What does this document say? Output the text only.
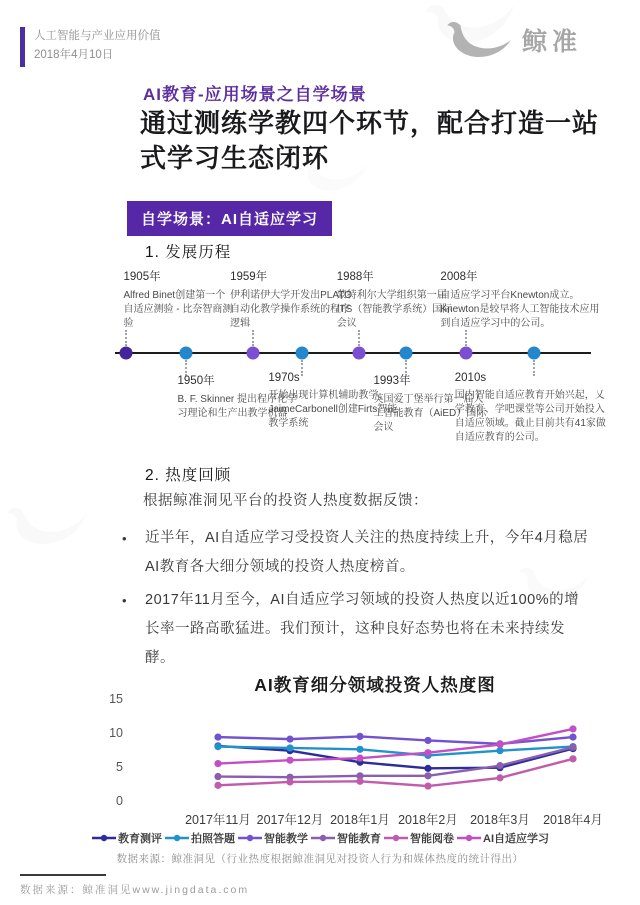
人工智能与产业应用价值
2018年4月10日	鲸准
AI教育-应用场景之自学场景
通过测练学教四个环节，配合打造一站式学习生态闭环
自学场景：AI自适应学习
1. 发展历程
1905年
Alfred Binet创建第一个自适应测验 - 比奈智商测验
1959年
伊利诺伊大学开发出PLATO自动化教学操作系统的程序逻辑
1988年
蒙特利尔大学组织第一届ITS（智能教学系统）国际会议
2008年
自适应学习平台Knewton成立。Knewton是较早将人工智能技术应用到自适应学习中的公司。
1950年
B. F. Skinner 提出程序化学习理论和生产出教学机器
1970s
开始出现计算机辅助教学，JaimeCarbonell创建Firts智能教学系统
1993年
英国爱丁堡举行第一届人工智能教育（AiED）国际会议
2010s
国内智能自适应教育开始兴起，乂学教育、学吧课堂等公司开始投入自适应领域。截止目前共有41家做自适应教育的公司。
2. 热度回顾
根据鲸准洞见平台的投资人热度数据反馈：
•	近半年，AI自适应学习受投资人关注的热度持续上升，今年4月稳居AI教育各大细分领域的投资人热度榜首。
•	2017年11月至今，AI自适应学习领域的投资人热度以近100%的增长率一路高歌猛进。我们预计，这种良好态势也将在未来持续发酵。
AI教育细分领域投资人热度图
0
5
10
15
2017年11月 2017年12月 2018年1月 2018年2月 2018年3月 2018年4月
教育测评	拍照答题	智能教学	智能教育	智能阅卷	AI自适应学习
数据来源：鲸准洞见（行业热度根据鲸准洞见对投资人行为和媒体热度的统计得出）
数据来源：鲸准洞见www.jingdata.com
